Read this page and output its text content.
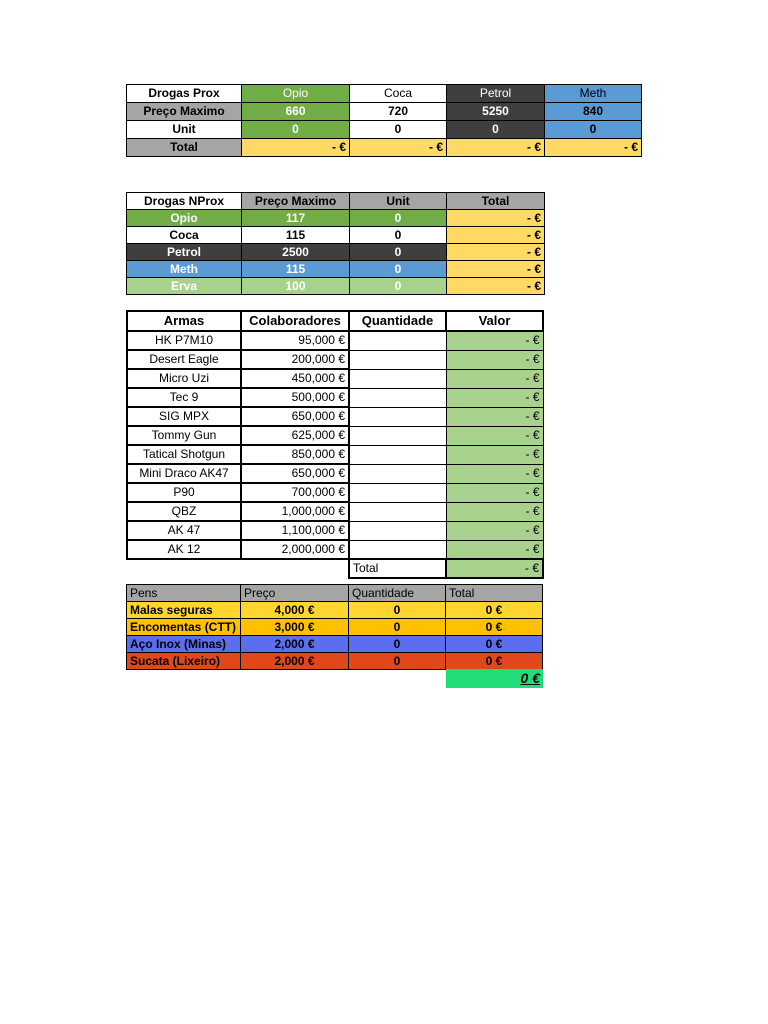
Drogas Prox	Opio	Coca	Petrol	Meth
Preço Maximo	660	720	5250	840
Unit	0	0	0	0
Total	- €	- €	- €	- €
Drogas NProx	Preço Maximo	Unit	Total
Opio	117	0	- €
Coca	115	0	- €
Petrol	2500	0	- €
Meth	115	0	- €
Erva	100	0	- €
Armas	Colaboradores	Quantidade	Valor
HK P7M10	95,000 €		- €
Desert Eagle	200,000 €		- €
Micro Uzi	450,000 €		- €
Tec 9	500,000 €		- €
SIG MPX	650,000 €		- €
Tommy Gun	625,000 €		- €
Tatical Shotgun	850,000 €		- €
Mini Draco AK47	650,000 €		- €
P90	700,000 €		- €
QBZ	1,000,000 €		- €
AK 47	1,100,000 €		- €
AK 12	2,000,000 €		- €
		Total	- €
Pens	Preço	Quantidade	Total
Malas seguras	4,000 €	0	0 €
Encomentas (CTT)	3,000 €	0	0 €
Aço Inox (Minas)	2,000 €	0	0 €
Sucata (Lixeiro)	2,000 €	0	0 €
0 €
